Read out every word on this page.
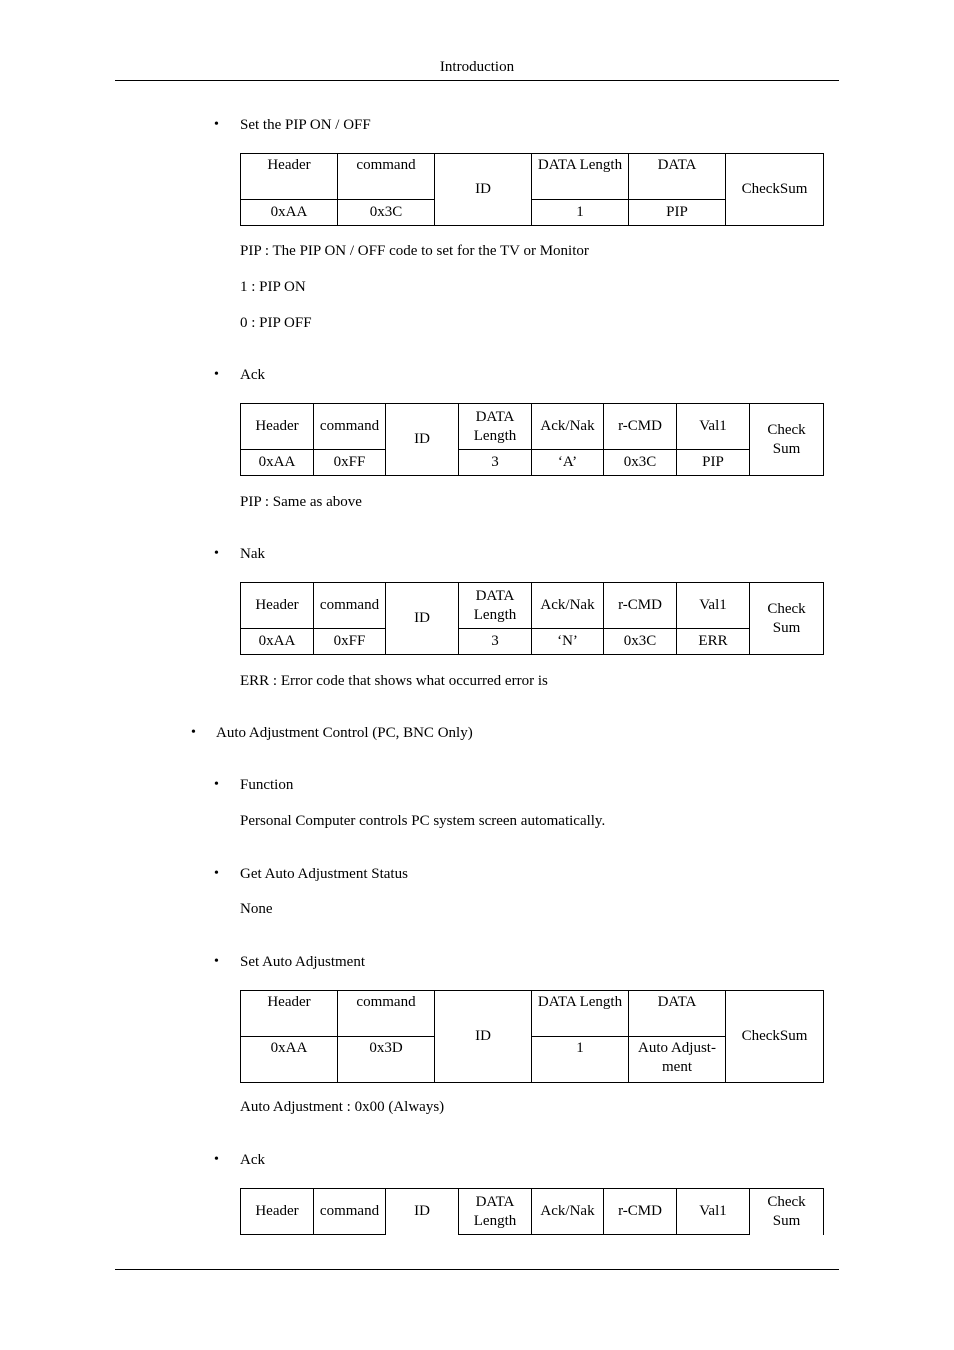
Introduction
• Set the PIP ON / OFF
Header	command	ID	DATA Length	DATA	CheckSum
0xAA	0x3C		1	PIP	
PIP : The PIP ON / OFF code to set for the TV or Monitor
1 : PIP ON
0 : PIP OFF
• Ack
Header	command	ID	DATA Length	Ack/Nak	r-CMD	Val1	Check Sum
0xAA	0xFF		3	‘A’	0x3C	PIP	
PIP : Same as above
• Nak
Header	command	ID	DATA Length	Ack/Nak	r-CMD	Val1	Check Sum
0xAA	0xFF		3	‘N’	0x3C	ERR	
ERR : Error code that shows what occurred error is
• Auto Adjustment Control (PC, BNC Only)
• Function
Personal Computer controls PC system screen automatically.
• Get Auto Adjustment Status
None
• Set Auto Adjustment
Header	command	ID	DATA Length	DATA	CheckSum
0xAA	0x3D		1	Auto Adjust-ment	
Auto Adjustment : 0x00 (Always)
• Ack
Header	command	ID	DATA Length	Ack/Nak	r-CMD	Val1	Check Sum
